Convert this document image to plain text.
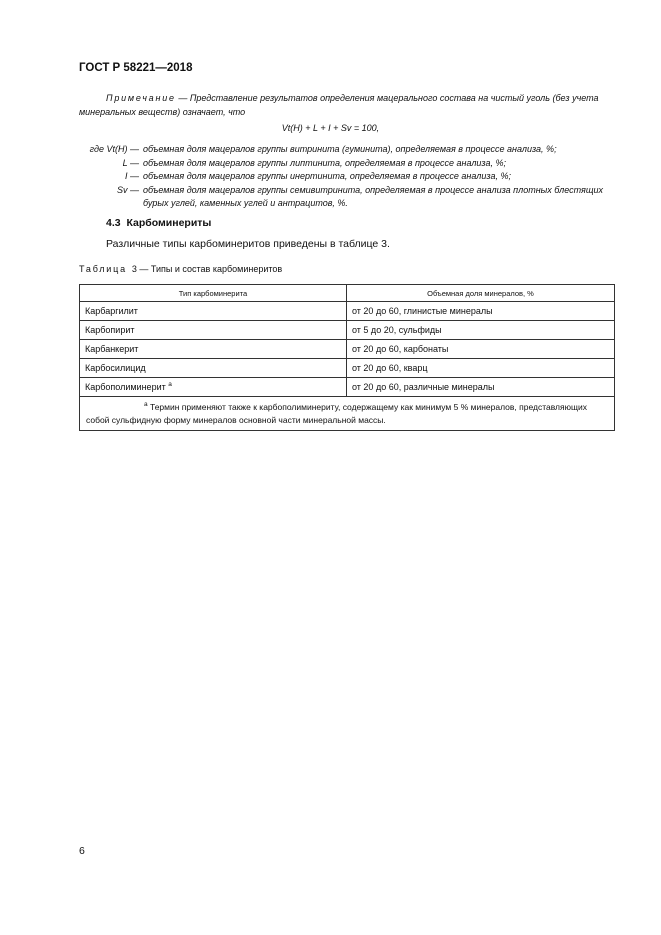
ГОСТ Р 58221—2018
Примечание — Представление результатов определения мацерального состава на чистый уголь (без учета минеральных веществ) означает, что
Vt(H) + L + I + Sv = 100,
где Vt(H) — объемная доля мацералов группы витринита (гуминита), определяемая в процессе анализа, %;
L — объемная доля мацералов группы липтинита, определяемая в процессе анализа, %;
I — объемная доля мацералов группы инертинита, определяемая в процессе анализа, %;
Sv — объемная доля мацералов группы семивитринита, определяемая в процессе анализа плотных блестящих бурых углей, каменных углей и антрацитов, %.
4.3 Карбоминериты
Различные типы карбоминеритов приведены в таблице 3.
Таблица 3 — Типы и состав карбоминеритов
Тип карбоминерита	Объемная доля минералов, %
Карбаргилит	от 20 до 60, глинистые минералы
Карбопирит	от 5 до 20, сульфиды
Карбанкерит	от 20 до 60, карбонаты
Карбосилицид	от 20 до 60, кварц
Карбополиминерит $^а$	от 20 до 60, различные минералы
$^а$ Термин применяют также к карбополиминериту, содержащему как минимум 5 % минералов, представляющих собой сульфидную форму минералов основной части минеральной массы.	
6
